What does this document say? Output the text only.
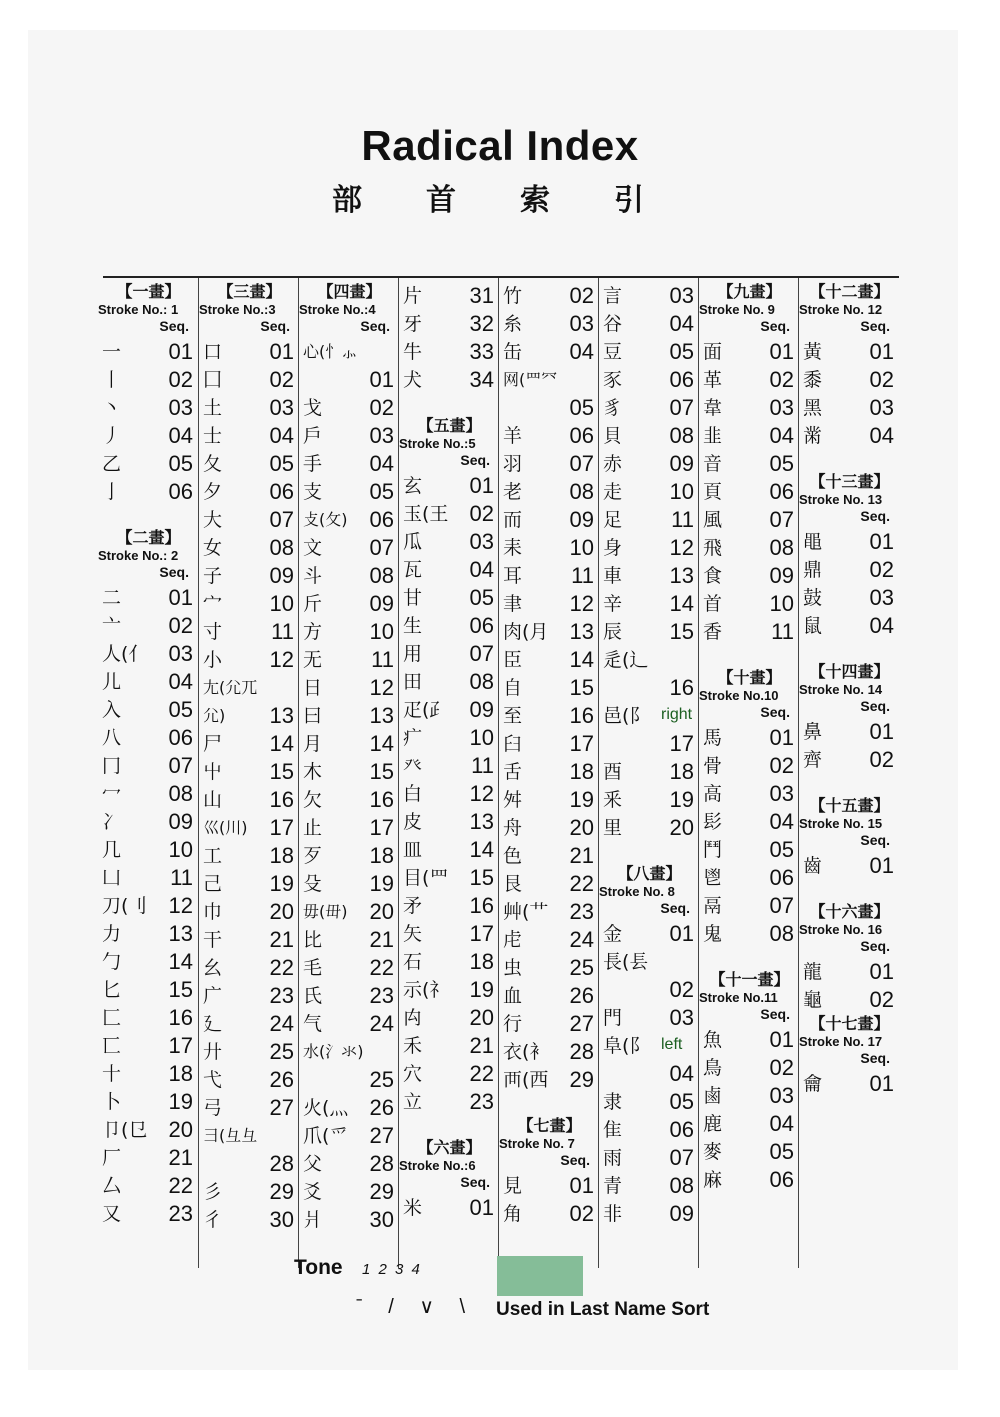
Radical Index
部首索引
【一畫】
Stroke No.: 1
Seq.
一 01
丨 02
丶 03
丿 04
乙 05
亅 06
【二畫】
Stroke No.: 2
Seq.
二 01
亠 02
人(亻 03
儿 04
入 05
八 06
冂 07
冖 08
冫 09
几 10
凵 11
刀(刂 12
力 13
勹 14
匕 15
匚 16
匸 17
十 18
卜 19
卩(㔾 20
厂 21
厶 22
又 23
【三畫】
Stroke No.:3
Seq.
口 01
囗 02
土 03
士 04
夂 05
夕 06
大 07
女 08
子 09
宀 10
寸 11
小 12
尢(尣兀
尣) 13
尸 14
屮 15
山 16
巛(川) 17
工 18
己 19
巾 20
干 21
幺 22
广 23
廴 24
廾 25
弋 26
弓 27
彐(彑彑
28
彡 29
彳 30
【四畫】
Stroke No.:4
Seq.
心(忄⺗
01
戈 02
戶 03
手 04
支 05
攴(攵) 06
文 07
斗 08
斤 09
方 10
无 11
日 12
曰 13
月 14
木 15
欠 16
止 17
歹 18
殳 19
毋(毌) 20
比 21
毛 22
氏 23
气 24
水(氵氺)
25
火(灬 26
爪(爫 27
父 28
爻 29
爿 30
片 31
牙 32
牛 33
犬 34
【五畫】
Stroke No.:5
Seq.
玄 01
玉(王 02
瓜 03
瓦 04
甘 05
生 06
用 07
田 08
疋(⺪ 09
疒 10
癶 11
白 12
皮 13
皿 14
目(罒 15
矛 16
矢 17
石 18
示(礻 19
禸 20
禾 21
穴 22
立 23
【六畫】
Stroke No.:6
Seq.
米 01
竹 02
糸 03
缶 04
网(罒⺳
05
羊 06
羽 07
老 08
而 09
耒 10
耳 11
聿 12
肉(月 13
臣 14
自 15
至 16
臼 17
舌 18
舛 19
舟 20
色 21
艮 22
艸(艹 23
虍 24
虫 25
血 26
行 27
衣(衤 28
襾(西 29
【七畫】
Stroke No. 7
Seq.
見 01
角 02
言 03
谷 04
豆 05
豕 06
豸 07
貝 08
赤 09
走 10
足 11
身 12
車 13
辛 14
辰 15
辵(辶
16
邑(阝 right
17
酉 18
釆 19
里 20
【八畫】
Stroke No. 8
Seq.
金 01
長(镸
02
門 03
阜(阝 left
04
隶 05
隹 06
雨 07
青 08
非 09
【九畫】
Stroke No. 9
Seq.
面 01
革 02
韋 03
韭 04
音 05
頁 06
風 07
飛 08
食 09
首 10
香 11
【十畫】
Stroke No.10
Seq.
馬 01
骨 02
高 03
髟 04
鬥 05
鬯 06
鬲 07
鬼 08
【十一畫】
Stroke No.11
Seq.
魚 01
鳥 02
鹵 03
鹿 04
麥 05
麻 06
【十二畫】
Stroke No. 12
Seq.
黃 01
黍 02
黑 03
黹 04
【十三畫】
Stroke No. 13
Seq.
黽 01
鼎 02
鼓 03
鼠 04
【十四畫】
Stroke No. 14
Seq.
鼻 01
齊 02
【十五畫】
Stroke No. 15
Seq.
齒 01
【十六畫】
Stroke No. 16
Seq.
龍 01
龜 02
【十七畫】
Stroke No. 17
Seq.
龠 01
Tone 1 2 3 4
ˉ / ∨ \ Used in Last Name Sort
